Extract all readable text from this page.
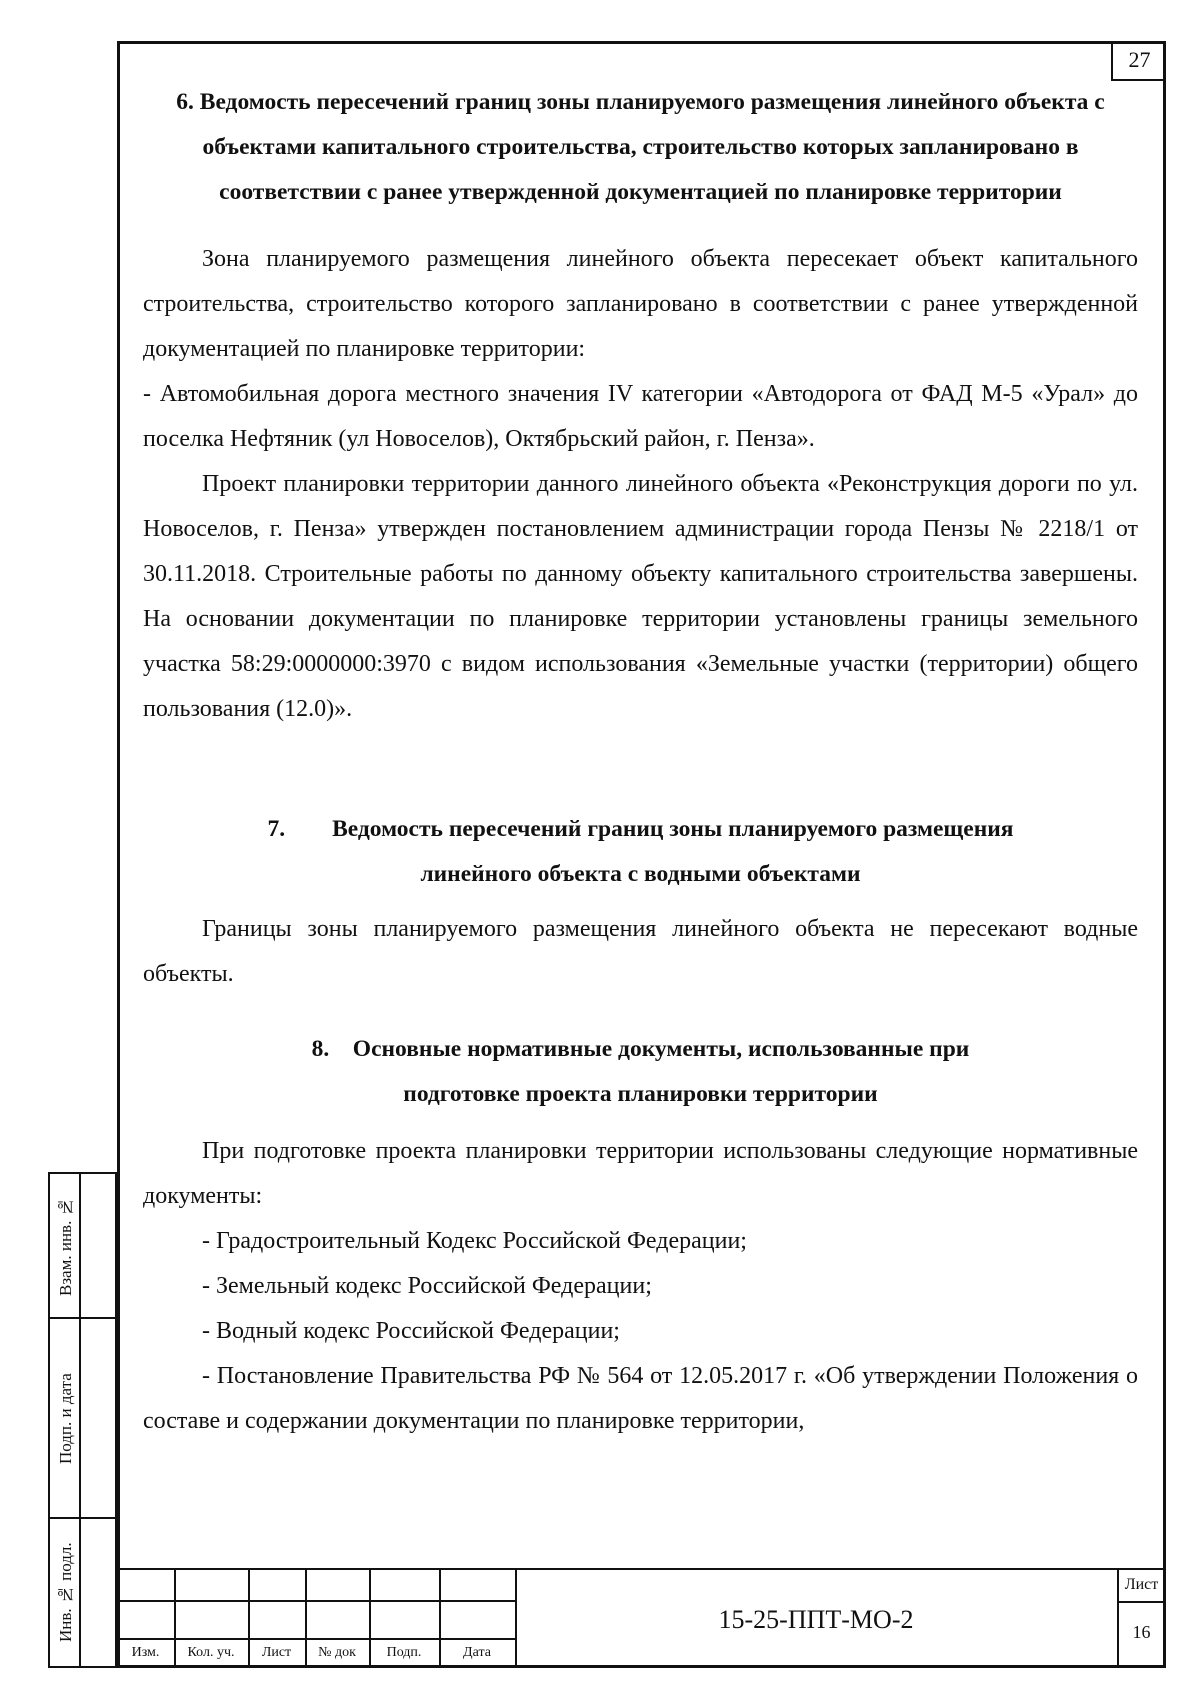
27
6. Ведомость пересечений границ зоны планируемого размещения линейного объекта с объектами капитального строительства, строительство которых запланировано в соответствии с ранее утвержденной документацией по планировке территории

Зона планируемого размещения линейного объекта пересекает объект капитального строительства, строительство которого запланировано в соответствии с ранее утвержденной документацией по планировке территории:

- Автомобильная дорога местного значения IV категории «Автодорога от ФАД М-5 «Урал» до поселка Нефтяник (ул Новоселов), Октябрьский район, г. Пенза».

Проект планировки территории данного линейного объекта «Реконструкция дороги по ул. Новоселов, г. Пенза» утвержден постановлением администрации города Пензы № 2218/1 от 30.11.2018. Строительные работы по данному объекту капитального строительства завершены. На основании документации по планировке территории установлены границы земельного участка 58:29:0000000:3970 с видом использования «Земельные участки (территории) общего пользования (12.0)».

7.        Ведомость пересечений границ зоны планируемого размещения
линейного объекта с водными объектами

Границы зоны планируемого размещения линейного объекта не пересекают водные объекты.

8.    Основные нормативные документы, использованные при
подготовке проекта планировки территории

При подготовке проекта планировки территории использованы следующие нормативные документы:

- Градостроительный Кодекс Российской Федерации;

- Земельный кодекс Российской Федерации;

- Водный кодекс Российской Федерации;

- Постановление Правительства РФ № 564 от 12.05.2017 г. «Об утверждении Положения о составе и содержании документации по планировке территории,

Взам. инв. №
Подп. и дата
Инв. № подл.
Изм.	Кол. уч.	Лист	№ док	Подп.	Дата
15-25-ППТ-МО-2
Лист
16
